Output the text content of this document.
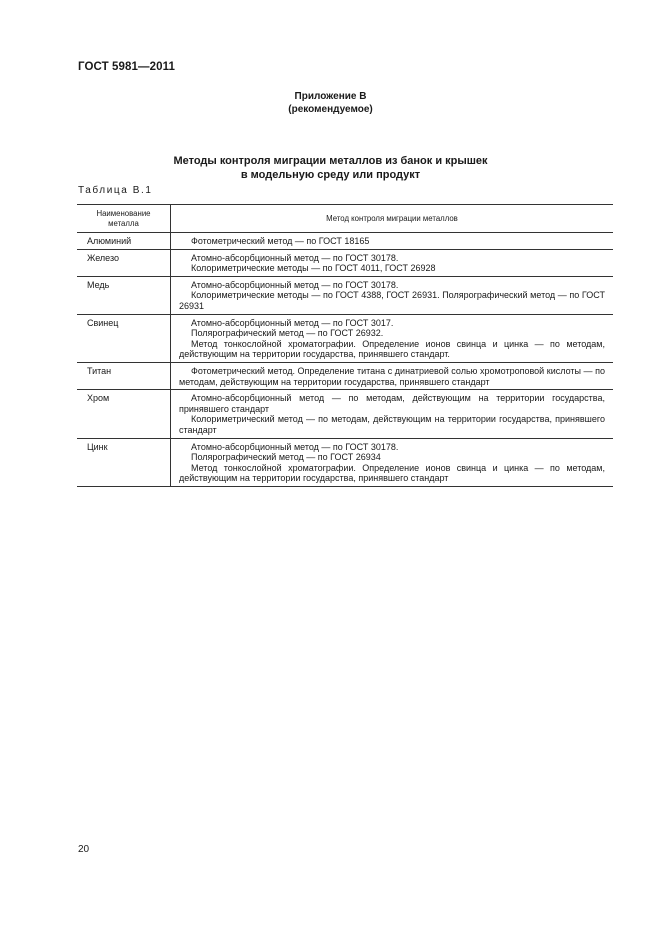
ГОСТ 5981—2011
Приложение В
(рекомендуемое)
Методы контроля миграции металлов из банок и крышек
в модельную среду или продукт
Таблица В.1
Наименование
металла	Метод контроля миграции металлов
Алюминий	Фотометрический метод — по ГОСТ 18165

Железо	Атомно-абсорбционный метод — по ГОСТ 30178.
Колориметрические методы — по ГОСТ 4011, ГОСТ 26928

Медь	Атомно-абсорбционный метод — по ГОСТ 30178.
Колориметрические методы — по ГОСТ 4388, ГОСТ 26931. Полярографический метод — по ГОСТ 26931

Свинец	Атомно-абсорбционный метод — по ГОСТ 3017.
Полярографический метод — по ГОСТ 26932.
Метод тонкослойной хроматографии. Определение ионов свинца и цинка — по методам, действующим на территории государства, принявшего стандарт.

Титан	Фотометрический метод. Определение титана с динатриевой солью хромотроповой кислоты — по методам, действующим на территории государства, принявшего стандарт

Хром	Атомно-абсорбционный метод — по методам, действующим на территории государства, принявшего стандарт
Колориметрический метод — по методам, действующим на территории государства, принявшего стандарт

Цинк	Атомно-абсорбционный метод — по ГОСТ 30178.
Полярографический метод — по ГОСТ 26934
Метод тонкослойной хроматографии. Определение ионов свинца и цинка — по методам, действующим на территории государства, принявшего стандарт
20
